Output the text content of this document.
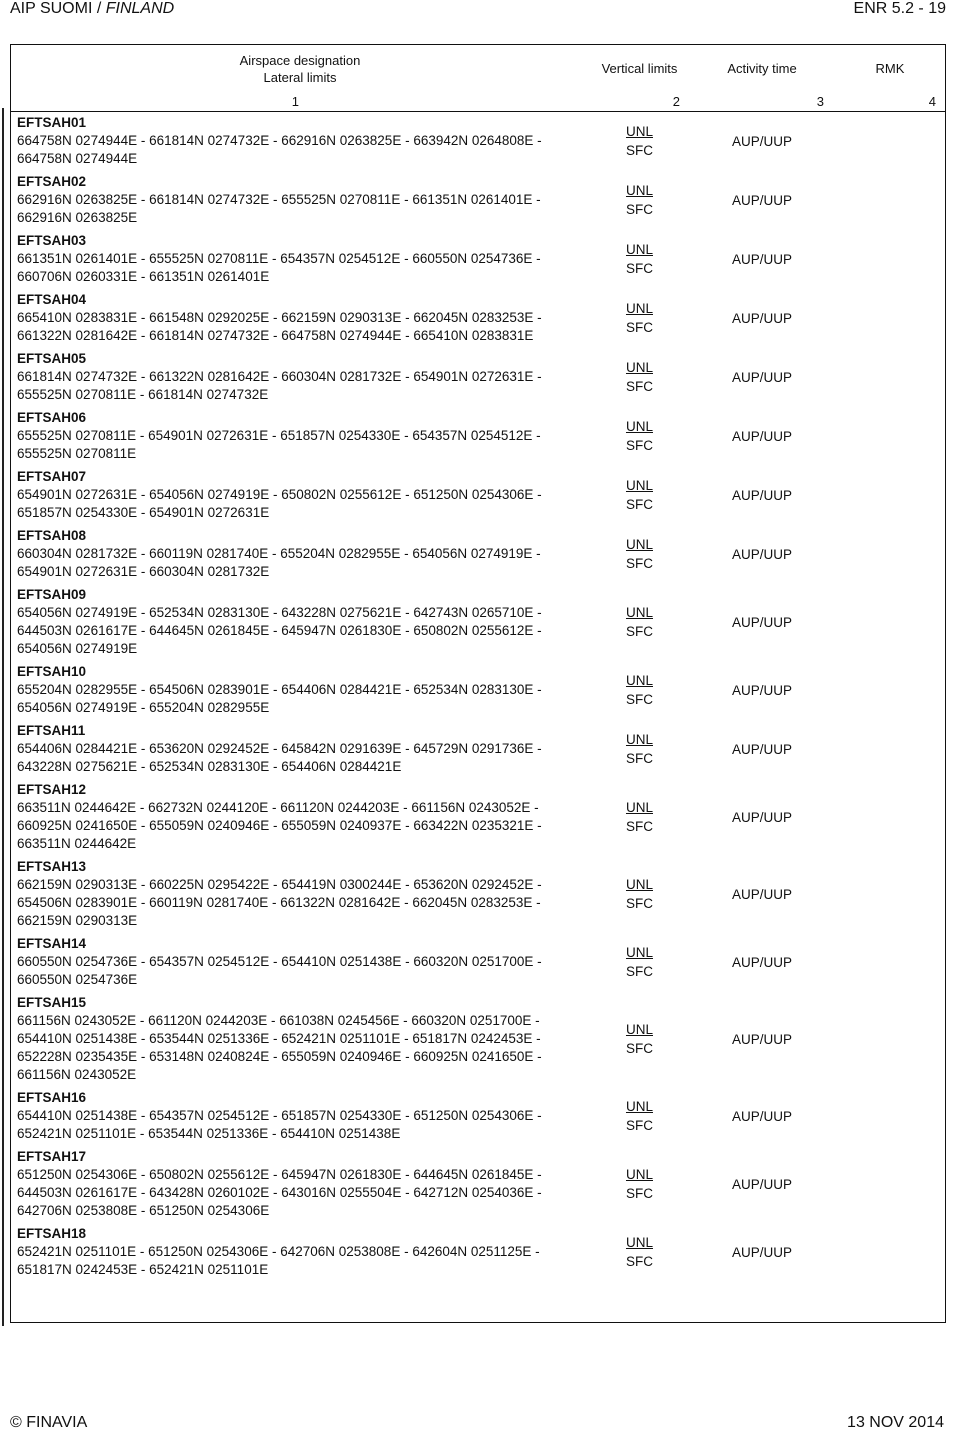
AIP SUOMI / FINLAND	ENR 5.2 - 19
Airspace designation
Lateral limits	Vertical limits	Activity time	RMK
1	2	3	4

EFTSAH01
664758N 0274944E - 661814N 0274732E - 662916N 0263825E - 663942N 0264808E - 664758N 0274944E	UNL
SFC	AUP/UUP	

EFTSAH02
662916N 0263825E - 661814N 0274732E - 655525N 0270811E - 661351N 0261401E - 662916N 0263825E	UNL
SFC	AUP/UUP	

EFTSAH03
661351N 0261401E - 655525N 0270811E - 654357N 0254512E - 660550N 0254736E - 660706N 0260331E - 661351N 0261401E	UNL
SFC	AUP/UUP	

EFTSAH04
665410N 0283831E - 661548N 0292025E - 662159N 0290313E - 662045N 0283253E - 661322N 0281642E - 661814N 0274732E - 664758N 0274944E - 665410N 0283831E	UNL
SFC	AUP/UUP	

EFTSAH05
661814N 0274732E - 661322N 0281642E - 660304N 0281732E - 654901N 0272631E - 655525N 0270811E - 661814N 0274732E	UNL
SFC	AUP/UUP	

EFTSAH06
655525N 0270811E - 654901N 0272631E - 651857N 0254330E - 654357N 0254512E - 655525N 0270811E	UNL
SFC	AUP/UUP	

EFTSAH07
654901N 0272631E - 654056N 0274919E - 650802N 0255612E - 651250N 0254306E - 651857N 0254330E - 654901N 0272631E	UNL
SFC	AUP/UUP	

EFTSAH08
660304N 0281732E - 660119N 0281740E - 655204N 0282955E - 654056N 0274919E - 654901N 0272631E - 660304N 0281732E	UNL
SFC	AUP/UUP	

EFTSAH09
654056N 0274919E - 652534N 0283130E - 643228N 0275621E - 642743N 0265710E - 644503N 0261617E - 644645N 0261845E - 645947N 0261830E - 650802N 0255612E - 654056N 0274919E	UNL
SFC	AUP/UUP	

EFTSAH10
655204N 0282955E - 654506N 0283901E - 654406N 0284421E - 652534N 0283130E - 654056N 0274919E - 655204N 0282955E	UNL
SFC	AUP/UUP	

EFTSAH11
654406N 0284421E - 653620N 0292452E - 645842N 0291639E - 645729N 0291736E - 643228N 0275621E - 652534N 0283130E - 654406N 0284421E	UNL
SFC	AUP/UUP	

EFTSAH12
663511N 0244642E - 662732N 0244120E - 661120N 0244203E - 661156N 0243052E - 660925N 0241650E - 655059N 0240946E - 655059N 0240937E - 663422N 0235321E - 663511N 0244642E	UNL
SFC	AUP/UUP	

EFTSAH13
662159N 0290313E - 660225N 0295422E - 654419N 0300244E - 653620N 0292452E - 654506N 0283901E - 660119N 0281740E - 661322N 0281642E - 662045N 0283253E - 662159N 0290313E	UNL
SFC	AUP/UUP	

EFTSAH14
660550N 0254736E - 654357N 0254512E - 654410N 0251438E - 660320N 0251700E - 660550N 0254736E	UNL
SFC	AUP/UUP	

EFTSAH15
661156N 0243052E - 661120N 0244203E - 661038N 0245456E - 660320N 0251700E - 654410N 0251438E - 653544N 0251336E - 652421N 0251101E - 651817N 0242453E - 652228N 0235435E - 653148N 0240824E - 655059N 0240946E - 660925N 0241650E - 661156N 0243052E	UNL
SFC	AUP/UUP	

EFTSAH16
654410N 0251438E - 654357N 0254512E - 651857N 0254330E - 651250N 0254306E - 652421N 0251101E - 653544N 0251336E - 654410N 0251438E	UNL
SFC	AUP/UUP	

EFTSAH17
651250N 0254306E - 650802N 0255612E - 645947N 0261830E - 644645N 0261845E - 644503N 0261617E - 643428N 0260102E - 643016N 0255504E - 642712N 0254036E - 642706N 0253808E - 651250N 0254306E	UNL
SFC	AUP/UUP	

EFTSAH18
652421N 0251101E - 651250N 0254306E - 642706N 0253808E - 642604N 0251125E - 651817N 0242453E - 652421N 0251101E	UNL
SFC	AUP/UUP	
© FINAVIA	13 NOV 2014
